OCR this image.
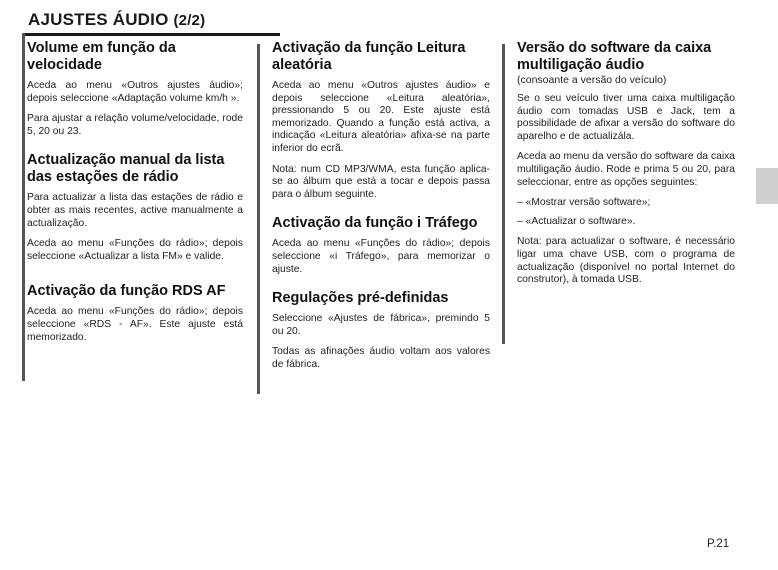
AJUSTES ÁUDIO (2/2)
Volume em função da velocidade

Aceda ao menu «Outros ajustes áudio»; depois seleccione «Adaptação volume km/h ».

Para ajustar a relação volume/velocidade, rode 5, 20 ou 23.

Actualização manual da lista das estações de rádio

Para actualizar a lista das estações de rádio e obter as mais recentes, active manualmente a actualização.

Aceda ao menu «Funções do rádio»; depois seleccione «Actualizar a lista FM» e valide.

Activação da função RDS AF

Aceda ao menu «Funções do rádio»; depois seleccione «RDS - AF». Este ajuste está memorizado.

Activação da função Leitura aleatória

Aceda ao menu «Outros ajustes áudio» e depois seleccione «Leitura aleatória», pressionando 5 ou 20. Este ajuste está memorizado. Quando a função está activa, a indicação «Leitura aleatória» afixa-se na parte inferior do ecrã.

Nota: num CD MP3/WMA, esta função aplica-se ao álbum que está a tocar e depois passa para o álbum seguinte.

Activação da função i Tráfego

Aceda ao menu «Funções do rádio»; depois seleccione «i Tráfego», para memorizar o ajuste.

Regulações pré-definidas

Seleccione «Ajustes de fábrica», premindo 5 ou 20.

Todas as afinações áudio voltam aos valores de fábrica.

Versão do software da caixa multiligação áudio
(consoante a versão do veículo)

Se o seu veículo tiver uma caixa multiligação áudio com tomadas USB e Jack, tem a possibilidade de afixar a versão do software do aparelho e de actualizála.

Aceda ao menu da versão do software da caixa multiligação áudio. Rode e prima 5 ou 20, para seleccionar, entre as opções seguintes:

– «Mostrar versão software»;
– «Actualizar o software».

Nota: para actualizar o software, é necessário ligar uma chave USB, com o programa de actualização (disponível no portal Internet do construtor), à tomada USB.

P.21
